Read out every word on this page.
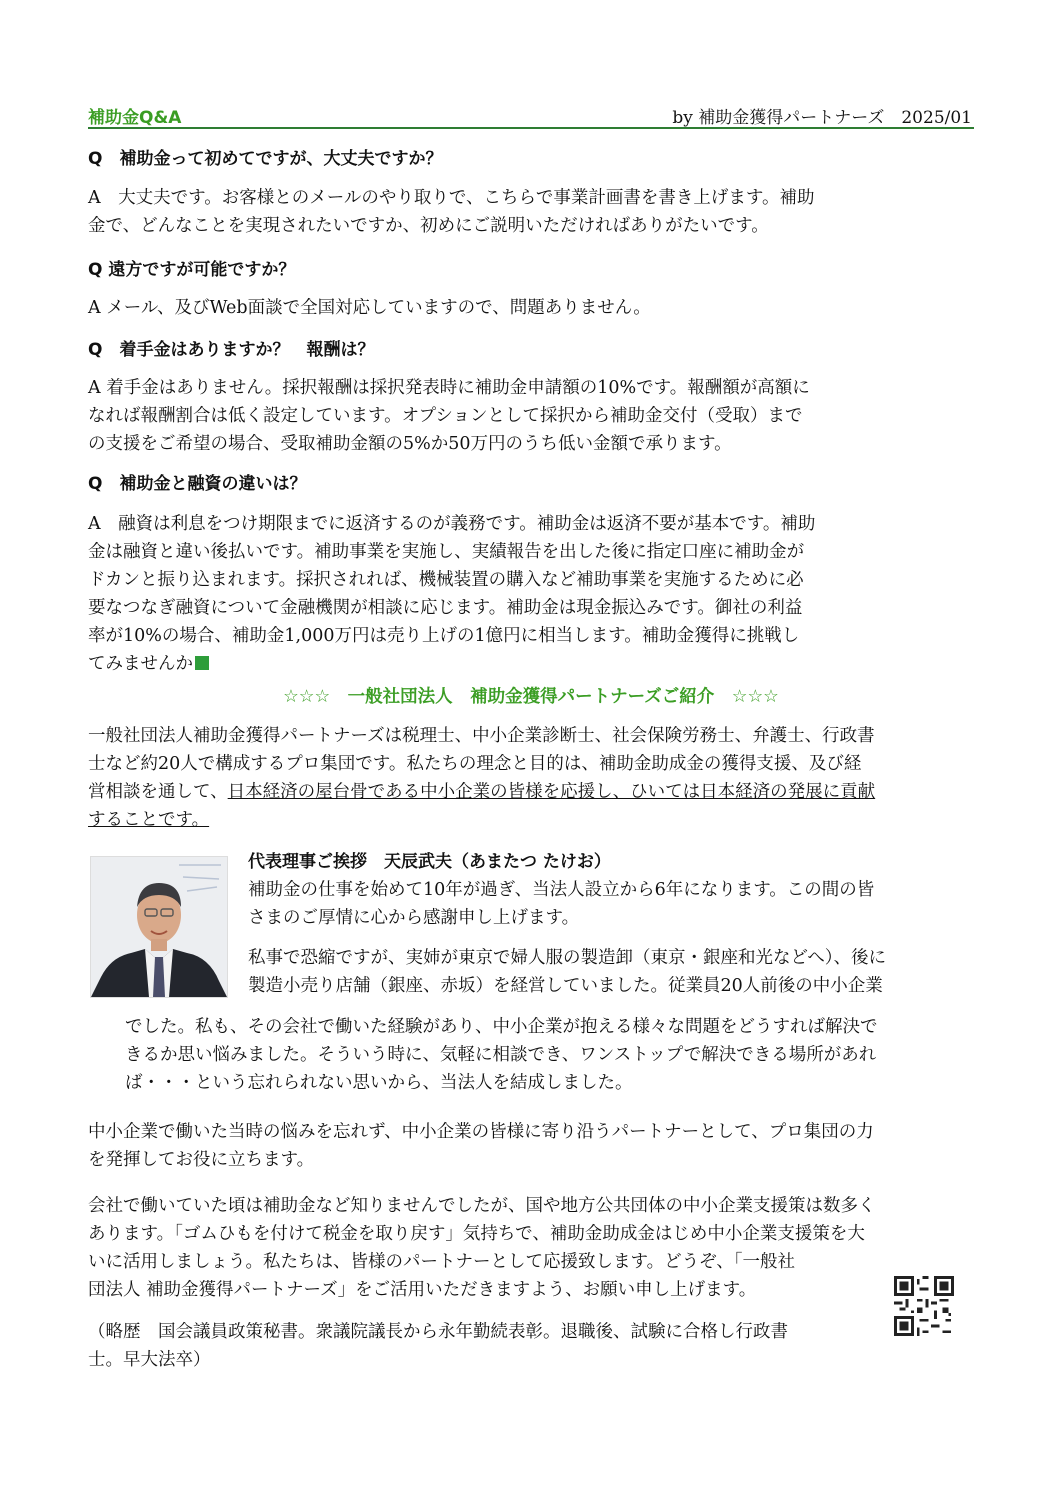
補助金Q&A	by 補助金獲得パートナーズ　2025/01
Q　補助金って初めてですが、大丈夫ですか？
A　大丈夫です。お客様とのメールのやり取りで、こちらで事業計画書を書き上げます。補助
金で、どんなことを実現されたいですか、初めにご説明いただければありがたいです。
Q 遠方ですが可能ですか？
A メール、及びWeb面談で全国対応していますので、問題ありません。
Q　着手金はありますか？　報酬は？
A 着手金はありません。採択報酬は採択発表時に補助金申請額の10%です。報酬額が高額に
なれば報酬割合は低く設定しています。オプションとして採択から補助金交付（受取）まで
の支援をご希望の場合、受取補助金額の5%か50万円のうち低い金額で承ります。
Q　補助金と融資の違いは？
A　融資は利息をつけ期限までに返済するのが義務です。補助金は返済不要が基本です。補助
金は融資と違い後払いです。補助事業を実施し、実績報告を出した後に指定口座に補助金が
ドカンと振り込まれます。採択されれば、機械装置の購入など補助事業を実施するために必
要なつなぎ融資について金融機関が相談に応じます。補助金は現金振込みです。御社の利益
率が10%の場合、補助金1,000万円は売り上げの1億円に相当します。補助金獲得に挑戦し
てみませんか
☆☆☆　一般社団法人　補助金獲得パートナーズご紹介　☆☆☆
一般社団法人補助金獲得パートナーズは税理士、中小企業診断士、社会保険労務士、弁護士、行政書
士など約20人で構成するプロ集団です。私たちの理念と目的は、補助金助成金の獲得支援、及び経
営相談を通して、日本経済の屋台骨である中小企業の皆様を応援し、ひいては日本経済の発展に貢献
することです。
代表理事ご挨拶　天辰武夫（あまたつ たけお）
補助金の仕事を始めて10年が過ぎ、当法人設立から6年になります。この間の皆
さまのご厚情に心から感謝申し上げます。
私事で恐縮ですが、実姉が東京で婦人服の製造卸（東京・銀座和光などへ）、後に
製造小売り店舗（銀座、赤坂）を経営していました。従業員20人前後の中小企業
でした。私も、その会社で働いた経験があり、中小企業が抱える様々な問題をどうすれば解決で
きるか思い悩みました。そういう時に、気軽に相談でき、ワンストップで解決できる場所があれ
ば・・・という忘れられない思いから、当法人を結成しました。
中小企業で働いた当時の悩みを忘れず、中小企業の皆様に寄り沿うパートナーとして、プロ集団の力
を発揮してお役に立ちます。
会社で働いていた頃は補助金など知りませんでしたが、国や地方公共団体の中小企業支援策は数多く
あります。「ゴムひもを付けて税金を取り戻す」気持ちで、補助金助成金はじめ中小企業支援策を大
いに活用しましょう。私たちは、皆様のパートナーとして応援致します。どうぞ、「一般社
団法人 補助金獲得パートナーズ」をご活用いただきますよう、お願い申し上げます。
（略歴　国会議員政策秘書。衆議院議長から永年勤続表彰。退職後、試験に合格し行政書
士。早大法卒）
